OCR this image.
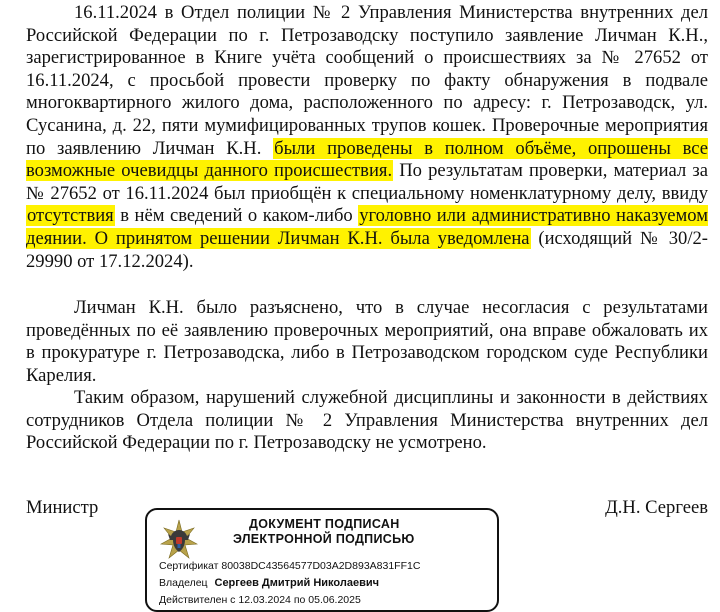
16.11.2024 в Отдел полиции № 2 Управления Министерства внутренних дел Российской Федерации по г. Петрозаводску поступило заявление Личман К.Н., зарегистрированное в Книге учёта сообщений о происшествиях за № 27652 от 16.11.2024, с просьбой провести проверку по факту обнаружения в подвале многоквартирного жилого дома, расположенного по адресу: г. Петрозаводск, ул. Сусанина, д. 22, пяти мумифицированных трупов кошек. Проверочные мероприятия по заявлению Личман К.Н. были проведены в полном объёме, опрошены все возможные очевидцы данного происшествия. По результатам проверки, материал за № 27652 от 16.11.2024 был приобщён к специальному номенклатурному делу, ввиду отсутствия в нём сведений о каком-либо уголовно или административно наказуемом деянии. О принятом решении Личман К.Н. была уведомлена (исходящий № 30/2-29990 от 17.12.2024).

Личман К.Н. было разъяснено, что в случае несогласия с результатами проведённых по её заявлению проверочных мероприятий, она вправе обжаловать их в прокуратуре г. Петрозаводска, либо в Петрозаводском городском суде Республики Карелия.

Таким образом, нарушений служебной дисциплины и законности в действиях сотрудников Отдела полиции № 2 Управления Министерства внутренних дел Российской Федерации по г. Петрозаводску не усмотрено.

Министр	Д.Н. Сергеев
ДОКУМЕНТ ПОДПИСАН
ЭЛЕКТРОННОЙ ПОДПИСЬЮ
Сертификат 80038DC43564577D03A2D893A831FF1C
Владелец Сергеев Дмитрий Николаевич
Действителен с 12.03.2024 по 05.06.2025
